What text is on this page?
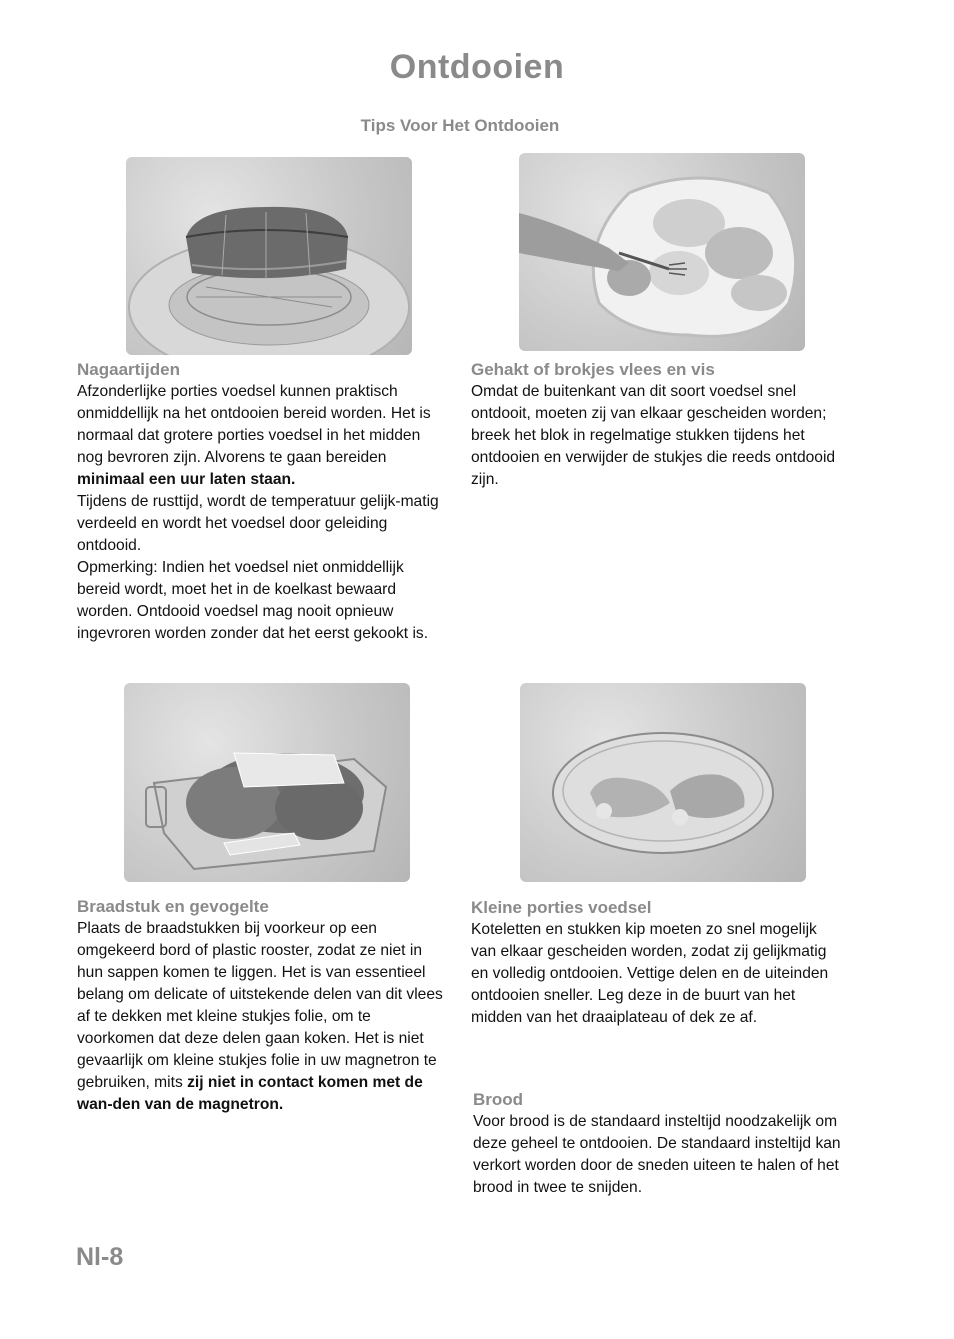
Ontdooien
Tips Voor Het Ontdooien

Nagaartijden

Afzonderlijke porties voedsel kunnen praktisch onmiddellijk na het ontdooien bereid worden. Het is normaal dat grotere porties voedsel in het midden nog bevroren zijn. Alvorens te gaan bereiden minimaal een uur laten staan.
Tijdens de rusttijd, wordt de temperatuur gelijk-matig verdeeld en wordt het voedsel door geleiding ontdooid.
Opmerking: Indien het voedsel niet onmiddellijk bereid wordt, moet het in de koelkast bewaard worden. Ontdooid voedsel mag nooit opnieuw ingevroren worden zonder dat het eerst gekookt is.

Gehakt of brokjes vlees en vis

Omdat de buitenkant van dit soort voedsel snel ontdooit, moeten zij van elkaar gescheiden worden; breek het blok in regelmatige stukken tijdens het ontdooien en verwijder de stukjes die reeds ontdooid zijn.

Braadstuk en gevogelte

Plaats de braadstukken bij voorkeur op een omgekeerd bord of plastic rooster, zodat ze niet in hun sappen komen te liggen. Het is van essentieel belang om delicate of uitstekende delen van dit vlees af te dekken met kleine stukjes folie, om te voorkomen dat deze delen gaan koken. Het is niet gevaarlijk om kleine stukjes folie in uw magnetron te gebruiken, mits zij niet in contact komen met de wan-den van de magnetron.

Kleine porties voedsel

Koteletten en stukken kip moeten zo snel mogelijk van elkaar gescheiden worden, zodat zij gelijkmatig en volledig ontdooien. Vettige delen en de uiteinden ontdooien sneller. Leg deze in de buurt van het midden van het draaiplateau of dek ze af.

Brood

Voor brood is de standaard insteltijd noodzakelijk om deze geheel te ontdooien. De standaard insteltijd kan verkort worden door de sneden uiteen te halen of het brood in twee te snijden.

Nl-8
